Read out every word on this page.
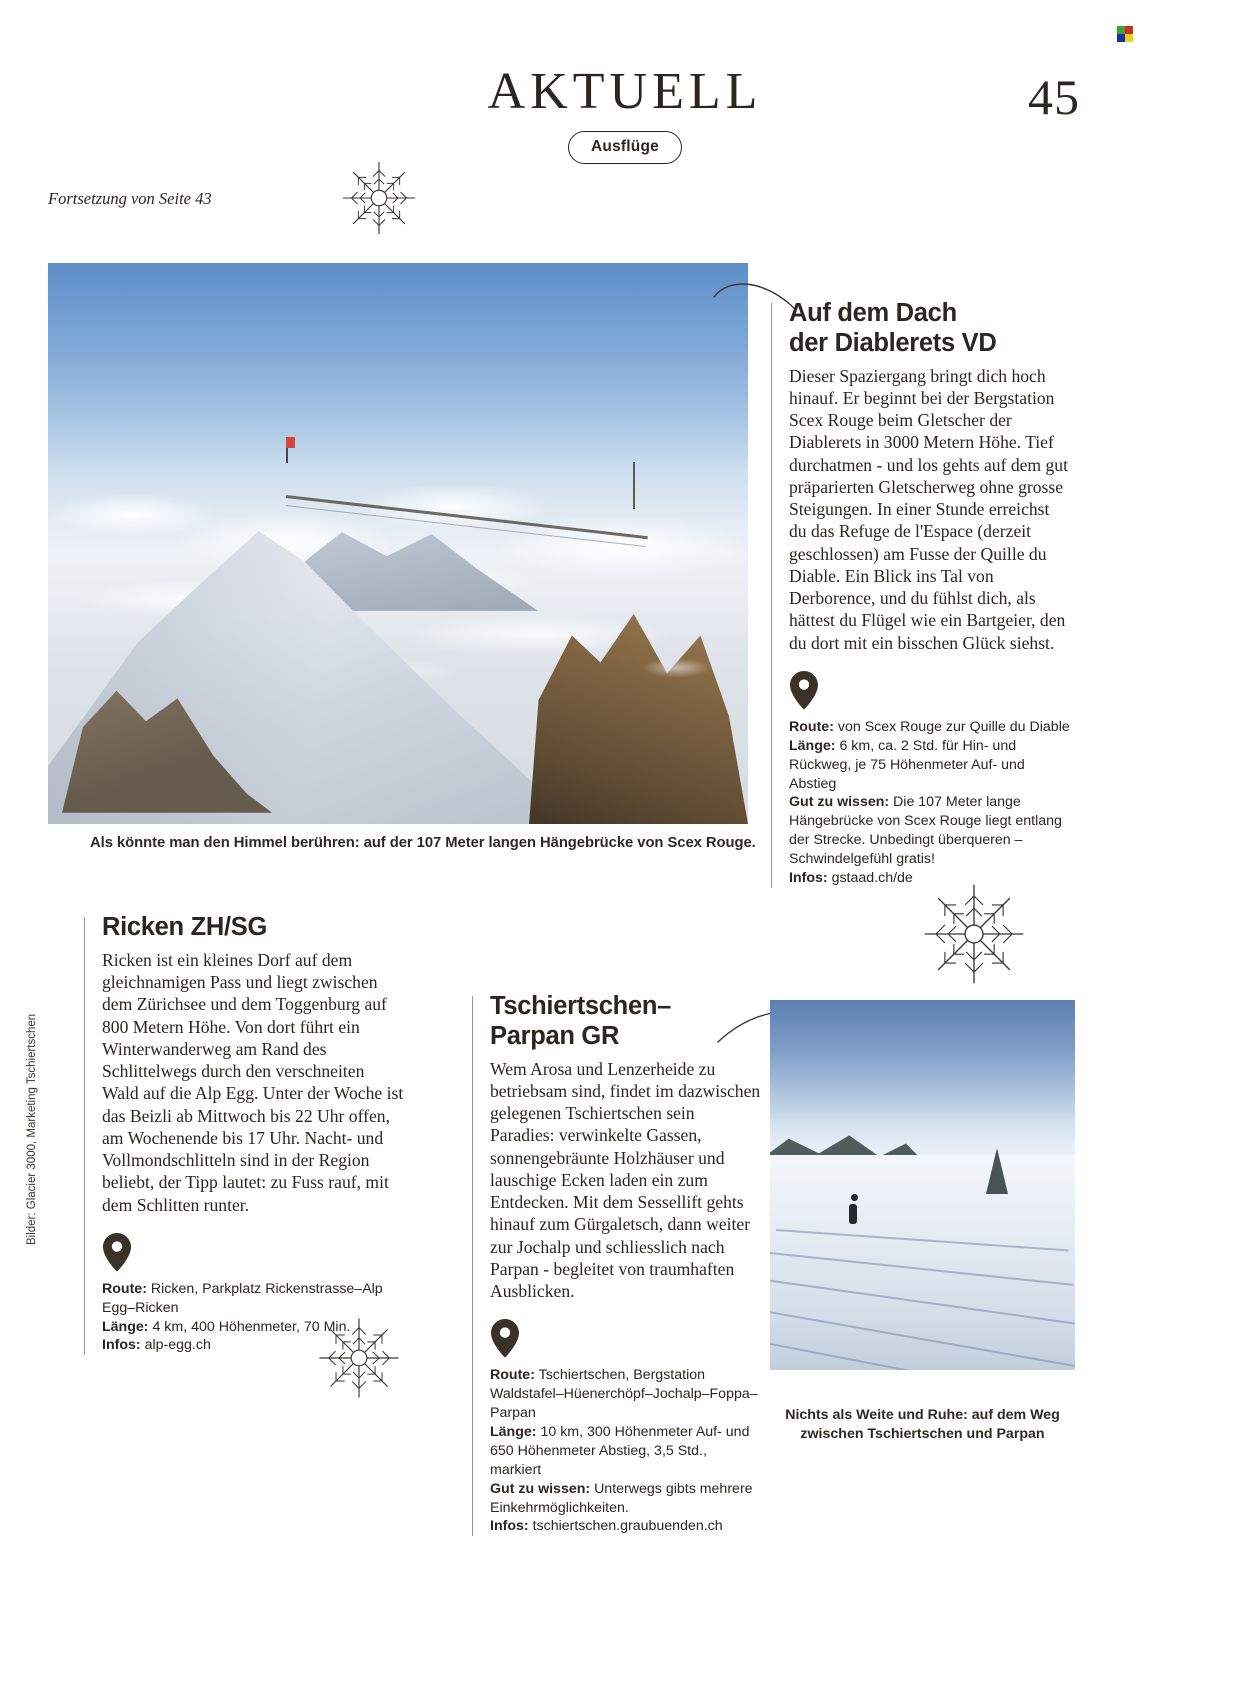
AKTUELL
Ausflüge
45
Fortsetzung von Seite 43
Als könnte man den Himmel berühren: auf der 107 Meter langen Hängebrücke von Scex Rouge.
Auf dem Dach
der Diablerets VD

Dieser Spaziergang bringt dich hoch hinauf. Er beginnt bei der Bergstation Scex Rouge beim Gletscher der Diablerets in 3000 Metern Höhe. Tief durchatmen - und los gehts auf dem gut präparierten Gletscherweg ohne grosse Steigungen. In einer Stunde erreichst du das Refuge de l'Espace (derzeit geschlossen) am Fusse der Quille du Diable. Ein Blick ins Tal von Derborence, und du fühlst dich, als hättest du Flügel wie ein Bartgeier, den du dort mit ein bisschen Glück siehst.

Route: von Scex Rouge zur Quille du Diable
Länge: 6 km, ca. 2 Std. für Hin- und Rückweg, je 75 Höhenmeter Auf- und Abstieg
Gut zu wissen: Die 107 Meter lange Hängebrücke von Scex Rouge liegt entlang der Strecke. Unbedingt überqueren – Schwindelgefühl gratis!
Infos: gstaad.ch/de
Ricken ZH/SG

Ricken ist ein kleines Dorf auf dem gleichnamigen Pass und liegt zwischen dem Zürichsee und dem Toggenburg auf 800 Metern Höhe. Von dort führt ein Winterwanderweg am Rand des Schlittelwegs durch den verschneiten Wald auf die Alp Egg. Unter der Woche ist das Beizli ab Mittwoch bis 22 Uhr offen, am Wochenende bis 17 Uhr. Nacht- und Vollmondschlitteln sind in der Region beliebt, der Tipp lautet: zu Fuss rauf, mit dem Schlitten runter.

Route: Ricken, Parkplatz Rickenstrasse–Alp Egg–Ricken
Länge: 4 km, 400 Höhenmeter, 70 Min.
Infos: alp-egg.ch
Tschiertschen–
Parpan GR

Wem Arosa und Lenzerheide zu betriebsam sind, findet im dazwischen gelegenen Tschiertschen sein Paradies: verwinkelte Gassen, sonnengebräunte Holzhäuser und lauschige Ecken laden ein zum Entdecken. Mit dem Sessellift gehts hinauf zum Gürgaletsch, dann weiter zur Jochalp und schliesslich nach Parpan - begleitet von traumhaften Ausblicken.

Route: Tschiertschen, Bergstation Waldstafel–Hüenerchöpf–Jochalp–Foppa–Parpan
Länge: 10 km, 300 Höhenmeter Auf- und 650 Höhenmeter Abstieg, 3,5 Std., markiert
Gut zu wissen: Unterwegs gibts mehrere Einkehrmöglichkeiten.
Infos: tschiertschen.graubuenden.ch
Nichts als Weite und Ruhe: auf dem Weg zwischen Tschiertschen und Parpan
Bilder: Glacier 3000, Marketing Tschiertschen
